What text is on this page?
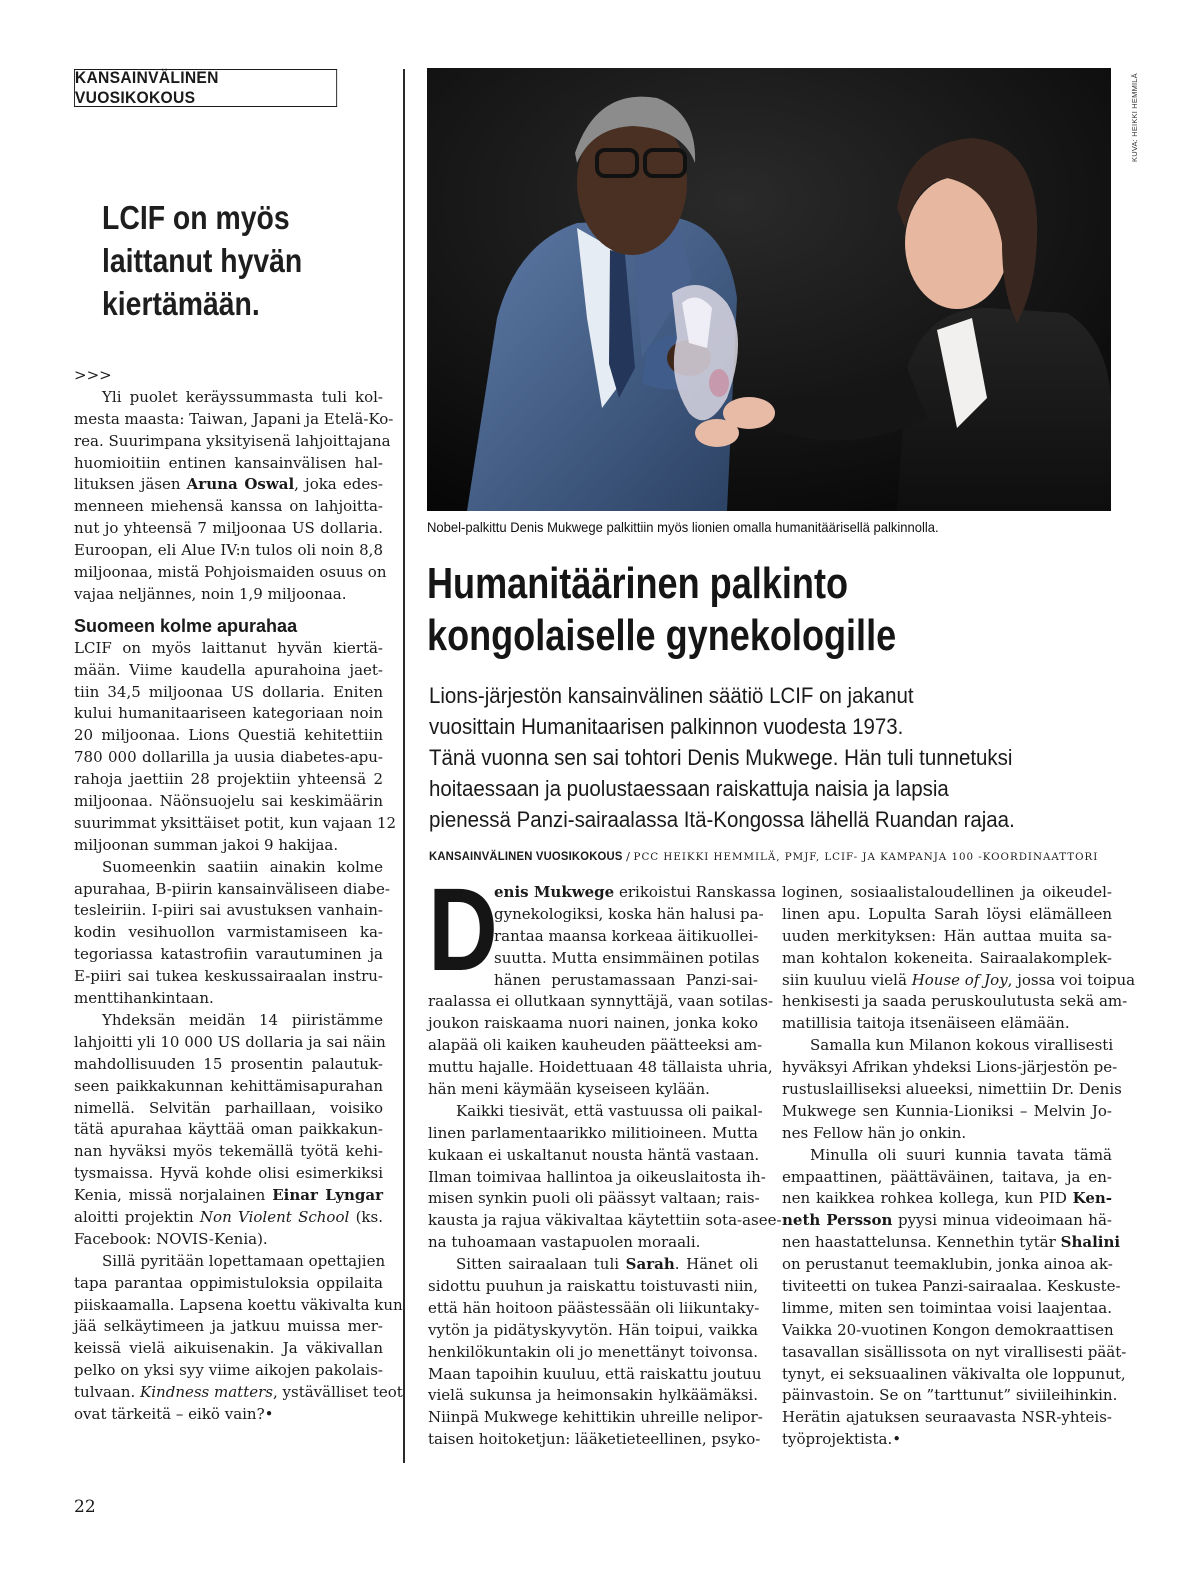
KANSAINVÄLINEN VUOSIKOKOUS
LCIF on myös
laittanut hyvän
kiertämään.
>>>
Yli puolet keräyssummasta tuli kol-
mesta maasta: Taiwan, Japani ja Etelä-Ko-
rea. Suurimpana yksityisenä lahjoittajana
huomioitiin entinen kansainvälisen hal-
lituksen jäsen Aruna Oswal, joka edes-
menneen miehensä kanssa on lahjoitta-
nut jo yhteensä 7 miljoonaa US dollaria.
Euroopan, eli Alue IV:n tulos oli noin 8,8
miljoonaa, mistä Pohjoismaiden osuus on
vajaa neljännes, noin 1,9 miljoonaa.
Suomeen kolme apurahaa
LCIF on myös laittanut hyvän kiertä-
mään. Viime kaudella apurahoina jaet-
tiin 34,5 miljoonaa US dollaria. Eniten
kului humanitaariseen kategoriaan noin
20 miljoonaa. Lions Questiä kehitettiin
780 000 dollarilla ja uusia diabetes-apu-
rahoja jaettiin 28 projektiin yhteensä 2
miljoonaa. Näönsuojelu sai keskimäärin
suurimmat yksittäiset potit, kun vajaan 12
miljoonan summan jakoi 9 hakijaa.
Suomeenkin saatiin ainakin kolme
apurahaa, B-piirin kansainväliseen diabe-
tesleiriin. I-piiri sai avustuksen vanhain-
kodin vesihuollon varmistamiseen ka-
tegoriassa katastrofiin varautuminen ja
E-piiri sai tukea keskussairaalan instru-
menttihankintaan.
Yhdeksän meidän 14 piiristämme
lahjoitti yli 10 000 US dollaria ja sai näin
mahdollisuuden 15 prosentin palautuk-
seen paikkakunnan kehittämisapurahan
nimellä. Selvitän parhaillaan, voisiko
tätä apurahaa käyttää oman paikkakun-
nan hyväksi myös tekemällä työtä kehi-
tysmaissa. Hyvä kohde olisi esimerkiksi
Kenia, missä norjalainen Einar Lyngar
aloitti projektin Non Violent School (ks.
Facebook: NOVIS-Kenia).
Sillä pyritään lopettamaan opettajien
tapa parantaa oppimistuloksia oppilaita
piiskaamalla. Lapsena koettu väkivalta kun
jää selkäytimeen ja jatkuu muissa mer-
keissä vielä aikuisenakin. Ja väkivallan
pelko on yksi syy viime aikojen pakolais-
tulvaan. Kindness matters, ystävälliset teot
ovat tärkeitä – eikö vain?•
KUVA: HEIKKI HEMMILÄ
Nobel-palkittu Denis Mukwege palkittiin myös lionien omalla humanitäärisellä palkinnolla.
Humanitäärinen palkinto
kongolaiselle gynekologille
Lions-järjestön kansainvälinen säätiö LCIF on jakanut
vuosittain Humanitaarisen palkinnon vuodesta 1973.
Tänä vuonna sen sai tohtori Denis Mukwege. Hän tuli tunnetuksi
hoitaessaan ja puolustaessaan raiskattuja naisia ja lapsia
pienessä Panzi-sairaalassa Itä-Kongossa lähellä Ruandan rajaa.
KANSAINVÄLINEN VUOSIKOKOUS / PCC HEIKKI HEMMILÄ, PMJF, LCIF- JA KAMPANJA 100 -KOORDINAATTORI
D
enis Mukwege erikoistui Ranskassa
gynekologiksi, koska hän halusi pa-
rantaa maansa korkeaa äitikuollei-
suutta. Mutta ensimmäinen potilas
hänen perustamassaan Panzi-sai-
raalassa ei ollutkaan synnyttäjä, vaan sotilas-
joukon raiskaama nuori nainen, jonka koko
alapää oli kaiken kauheuden päätteeksi am-
muttu hajalle. Hoidettuaan 48 tällaista uhria,
hän meni käymään kyseiseen kylään.
Kaikki tiesivät, että vastuussa oli paikal-
linen parlamentaarikko militioineen. Mutta
kukaan ei uskaltanut nousta häntä vastaan.
Ilman toimivaa hallintoa ja oikeuslaitosta ih-
misen synkin puoli oli päässyt valtaan; rais-
kausta ja rajua väkivaltaa käytettiin sota-asee-
na tuhoamaan vastapuolen moraali.
Sitten sairaalaan tuli Sarah. Hänet oli
sidottu puuhun ja raiskattu toistuvasti niin,
että hän hoitoon päästessään oli liikuntaky-
vytön ja pidätyskyvytön. Hän toipui, vaikka
henkilökuntakin oli jo menettänyt toivonsa.
Maan tapoihin kuuluu, että raiskattu joutuu
vielä sukunsa ja heimonsakin hylkäämäksi.
Niinpä Mukwege kehittikin uhreille nelipor-
taisen hoitoketjun: lääketieteellinen, psyko-
loginen, sosiaalistaloudellinen ja oikeudel-
linen apu. Lopulta Sarah löysi elämälleen
uuden merkityksen: Hän auttaa muita sa-
man kohtalon kokeneita. Sairaalakomplek-
siin kuuluu vielä House of Joy, jossa voi toipua
henkisesti ja saada peruskoulutusta sekä am-
matillisia taitoja itsenäiseen elämään.
Samalla kun Milanon kokous virallisesti
hyväksyi Afrikan yhdeksi Lions-järjestön pe-
rustuslailliseksi alueeksi, nimettiin Dr. Denis
Mukwege sen Kunnia-Lioniksi – Melvin Jo-
nes Fellow hän jo onkin.
Minulla oli suuri kunnia tavata tämä
empaattinen, päättäväinen, taitava, ja en-
nen kaikkea rohkea kollega, kun PID Ken-
neth Persson pyysi minua videoimaan hä-
nen haastattelunsa. Kennethin tytär Shalini
on perustanut teemaklubin, jonka ainoa ak-
tiviteetti on tukea Panzi-sairaalaa. Keskuste-
limme, miten sen toimintaa voisi laajentaa.
Vaikka 20-vuotinen Kongon demokraattisen
tasavallan sisällissota on nyt virallisesti päät-
tynyt, ei seksuaalinen väkivalta ole loppunut,
päinvastoin. Se on ”tarttunut” siviileihinkin.
Herätin ajatuksen seuraavasta NSR-yhteis-
työprojektista.•
22
